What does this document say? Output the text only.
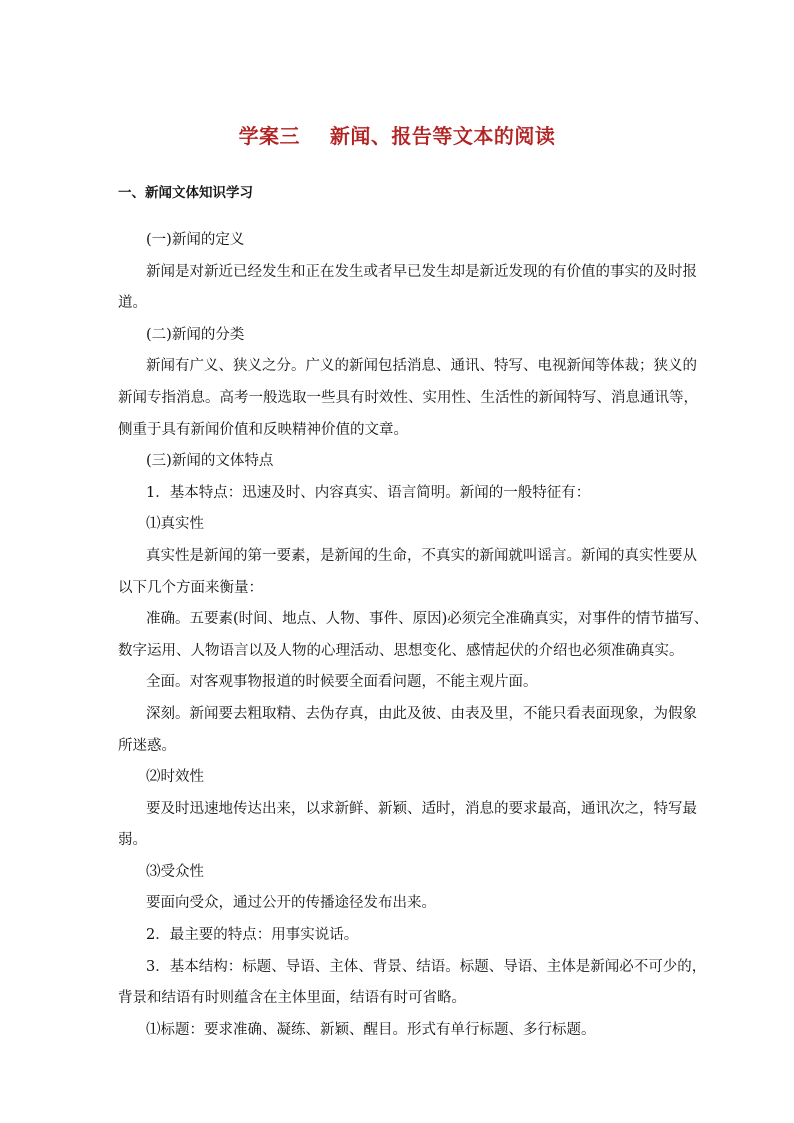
学案三    新闻、报告等文本的阅读
一、新闻文体知识学习
(一)新闻的定义
新闻是对新近已经发生和正在发生或者早已发生却是新近发现的有价值的事实的及时报
道。
(二)新闻的分类
新闻有广义、狭义之分。广义的新闻包括消息、通讯、特写、电视新闻等体裁；狭义的
新闻专指消息。高考一般选取一些具有时效性、实用性、生活性的新闻特写、消息通讯等，
侧重于具有新闻价值和反映精神价值的文章。
(三)新闻的文体特点
1．基本特点：迅速及时、内容真实、语言简明。新闻的一般特征有：
⑴真实性
真实性是新闻的第一要素，是新闻的生命，不真实的新闻就叫谣言。新闻的真实性要从
以下几个方面来衡量：
准确。五要素(时间、地点、人物、事件、原因)必须完全准确真实，对事件的情节描写、
数字运用、人物语言以及人物的心理活动、思想变化、感情起伏的介绍也必须准确真实。
全面。对客观事物报道的时候要全面看问题，不能主观片面。
深刻。新闻要去粗取精、去伪存真，由此及彼、由表及里，不能只看表面现象，为假象
所迷惑。
⑵时效性
要及时迅速地传达出来，以求新鲜、新颖、适时，消息的要求最高，通讯次之，特写最
弱。
⑶受众性
要面向受众，通过公开的传播途径发布出来。
2．最主要的特点：用事实说话。
3．基本结构：标题、导语、主体、背景、结语。标题、导语、主体是新闻必不可少的，
背景和结语有时则蕴含在主体里面，结语有时可省略。
⑴标题：要求准确、凝练、新颖、醒目。形式有单行标题、多行标题。
